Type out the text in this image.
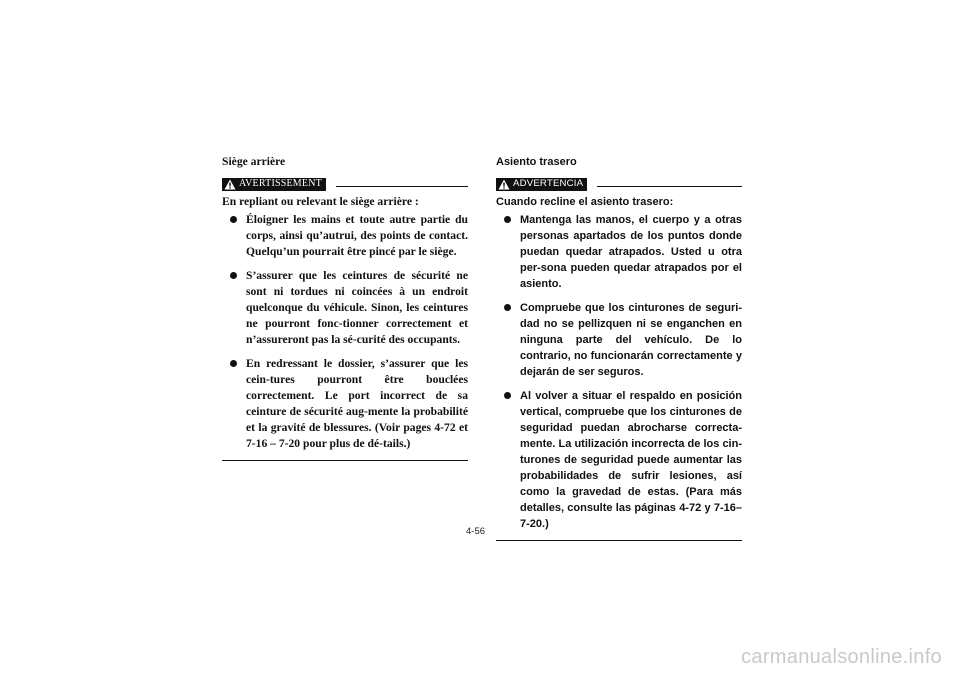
Siège arrière
AVERTISSEMENT
En repliant ou relevant le siège arrière :
Éloigner les mains et toute autre partie du corps, ainsi qu’autrui, des points de contact. Quelqu’un pourrait être pincé par le siège.
S’assurer que les ceintures de sécurité ne sont ni tordues ni coincées à un endroit quelconque du véhicule. Sinon, les ceintures ne pourront fonc-tionner correctement et n’assureront pas la sé-curité des occupants.
En redressant le dossier, s’assurer que les cein-tures pourront être bouclées correctement. Le port incorrect de sa ceinture de sécurité aug-mente la probabilité et la gravité de blessures. (Voir pages 4-72 et 7-16 – 7-20 pour plus de dé-tails.)
Asiento trasero
ADVERTENCIA
Cuando recline el asiento trasero:
Mantenga las manos, el cuerpo y a otras personas apartados de los puntos donde puedan quedar atrapados. Usted u otra per-sona pueden quedar atrapados por el asiento.
Compruebe que los cinturones de seguri-dad no se pellizquen ni se enganchen en ninguna parte del vehículo. De lo contrario, no funcionarán correctamente y dejarán de ser seguros.
Al volver a situar el respaldo en posición vertical, compruebe que los cinturones de seguridad puedan abrocharse correcta-mente. La utilización incorrecta de los cin-turones de seguridad puede aumentar las probabilidades de sufrir lesiones, así como la gravedad de estas. (Para más detalles, consulte las páginas 4-72 y 7-16–7-20.)
4-56
carmanualsonline.info
